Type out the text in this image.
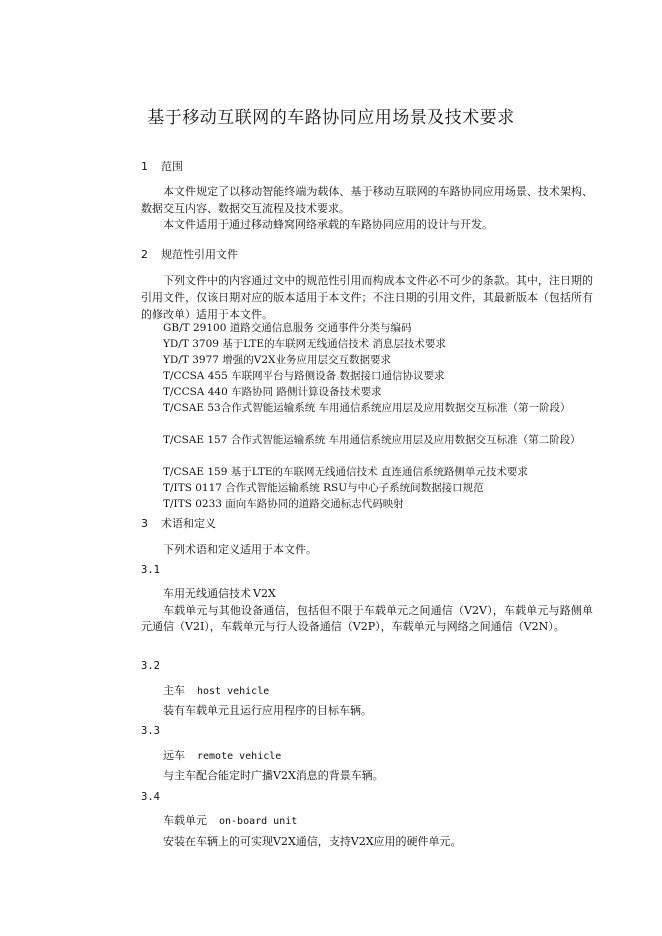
基于移动互联网的车路协同应用场景及技术要求
1 范围
本文件规定了以移动智能终端为载体、基于移动互联网的车路协同应用场景、技术架构、数据交互内容、数据交互流程及技术要求。
本文件适用于通过移动蜂窝网络承载的车路协同应用的设计与开发。
2 规范性引用文件
下列文件中的内容通过文中的规范性引用而构成本文件必不可少的条款。其中，注日期的引用文件，仅该日期对应的版本适用于本文件；不注日期的引用文件，其最新版本（包括所有的修改单）适用于本文件。
GB/T 29100 道路交通信息服务 交通事件分类与编码
YD/T 3709 基于LTE的车联网无线通信技术 消息层技术要求
YD/T 3977 增强的V2X业务应用层交互数据要求
T/CCSA 455 车联网平台与路侧设备 数据接口通信协议要求
T/CCSA 440 车路协同 路侧计算设备技术要求
T/CSAE 53合作式智能运输系统 车用通信系统应用层及应用数据交互标准（第一阶段）
T/CSAE 157 合作式智能运输系统 车用通信系统应用层及应用数据交互标准（第二阶段）
T/CSAE 159 基于LTE的车联网无线通信技术 直连通信系统路侧单元技术要求
T/ITS 0117 合作式智能运输系统 RSU与中心子系统间数据接口规范
T/ITS 0233 面向车路协同的道路交通标志代码映射
3 术语和定义
下列术语和定义适用于本文件。
3.1
车用无线通信技术 V2X
车载单元与其他设备通信，包括但不限于车载单元之间通信（V2V），车载单元与路侧单元通信（V2I），车载单元与行人设备通信（V2P），车载单元与网络之间通信（V2N）。
3.2
主车 host vehicle
装有车载单元且运行应用程序的目标车辆。
3.3
远车 remote vehicle
与主车配合能定时广播V2X消息的背景车辆。
3.4
车载单元 on-board unit
安装在车辆上的可实现V2X通信，支持V2X应用的硬件单元。
